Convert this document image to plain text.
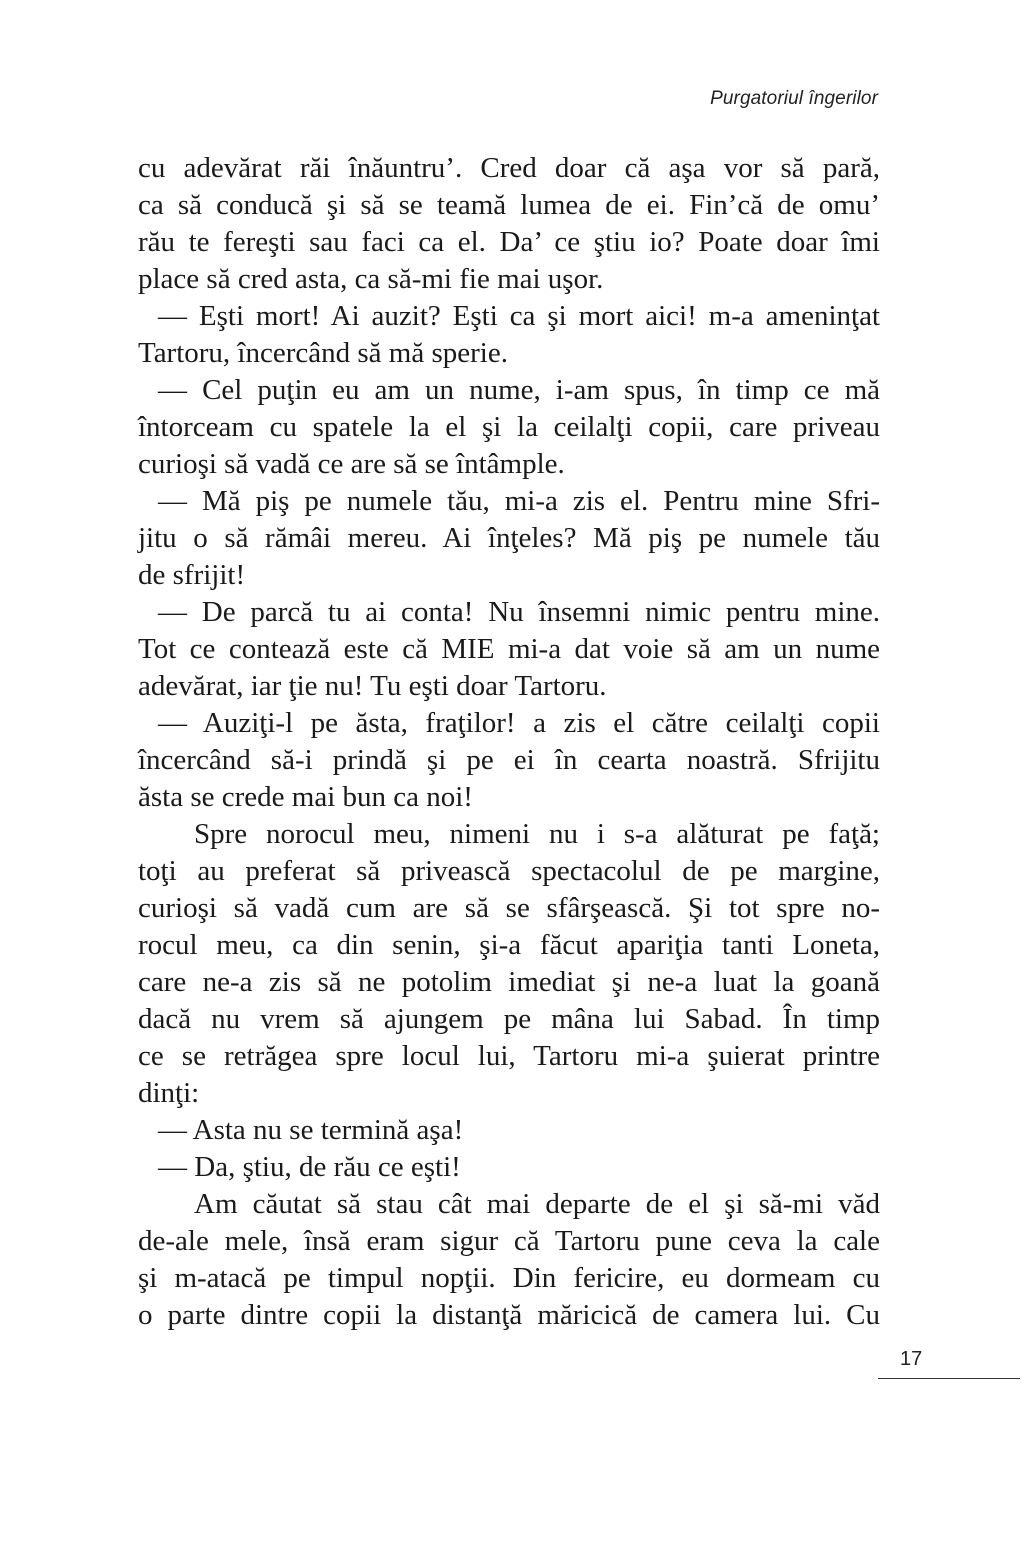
Purgatoriul îngerilor
cu adevărat răi înăuntru’. Cred doar că aşa vor să pară,
ca să conducă şi să se teamă lumea de ei. Fin’că de omu’
rău te fereşti sau faci ca el. Da’ ce ştiu io? Poate doar îmi
place să cred asta, ca să-mi fie mai uşor.
— Eşti mort! Ai auzit? Eşti ca şi mort aici! m-a ameninţat
Tartoru, încercând să mă sperie.
— Cel puţin eu am un nume, i-am spus, în timp ce mă
întorceam cu spatele la el şi la ceilalţi copii, care priveau
curioşi să vadă ce are să se întâmple.
— Mă piş pe numele tău, mi-a zis el. Pentru mine Sfri-
jitu o să rămâi mereu. Ai înţeles? Mă piş pe numele tău
de sfrijit!
— De parcă tu ai conta! Nu însemni nimic pentru mine.
Tot ce contează este că MIE mi-a dat voie să am un nume
adevărat, iar ţie nu! Tu eşti doar Tartoru.
— Auziţi-l pe ăsta, fraţilor! a zis el către ceilalţi copii
încercând să-i prindă şi pe ei în cearta noastră. Sfrijitu
ăsta se crede mai bun ca noi!
Spre norocul meu, nimeni nu i s-a alăturat pe faţă;
toţi au preferat să privească spectacolul de pe margine,
curioşi să vadă cum are să se sfârşească. Şi tot spre no-
rocul meu, ca din senin, şi-a făcut apariţia tanti Loneta,
care ne-a zis să ne potolim imediat şi ne-a luat la goană
dacă nu vrem să ajungem pe mâna lui Sabad. În timp
ce se retrăgea spre locul lui, Tartoru mi-a şuierat printre
dinţi:
— Asta nu se termină aşa!
— Da, ştiu, de rău ce eşti!
Am căutat să stau cât mai departe de el şi să-mi văd
de-ale mele, însă eram sigur că Tartoru pune ceva la cale
şi m-atacă pe timpul nopţii. Din fericire, eu dormeam cu
o parte dintre copii la distanţă măricică de camera lui. Cu
17
